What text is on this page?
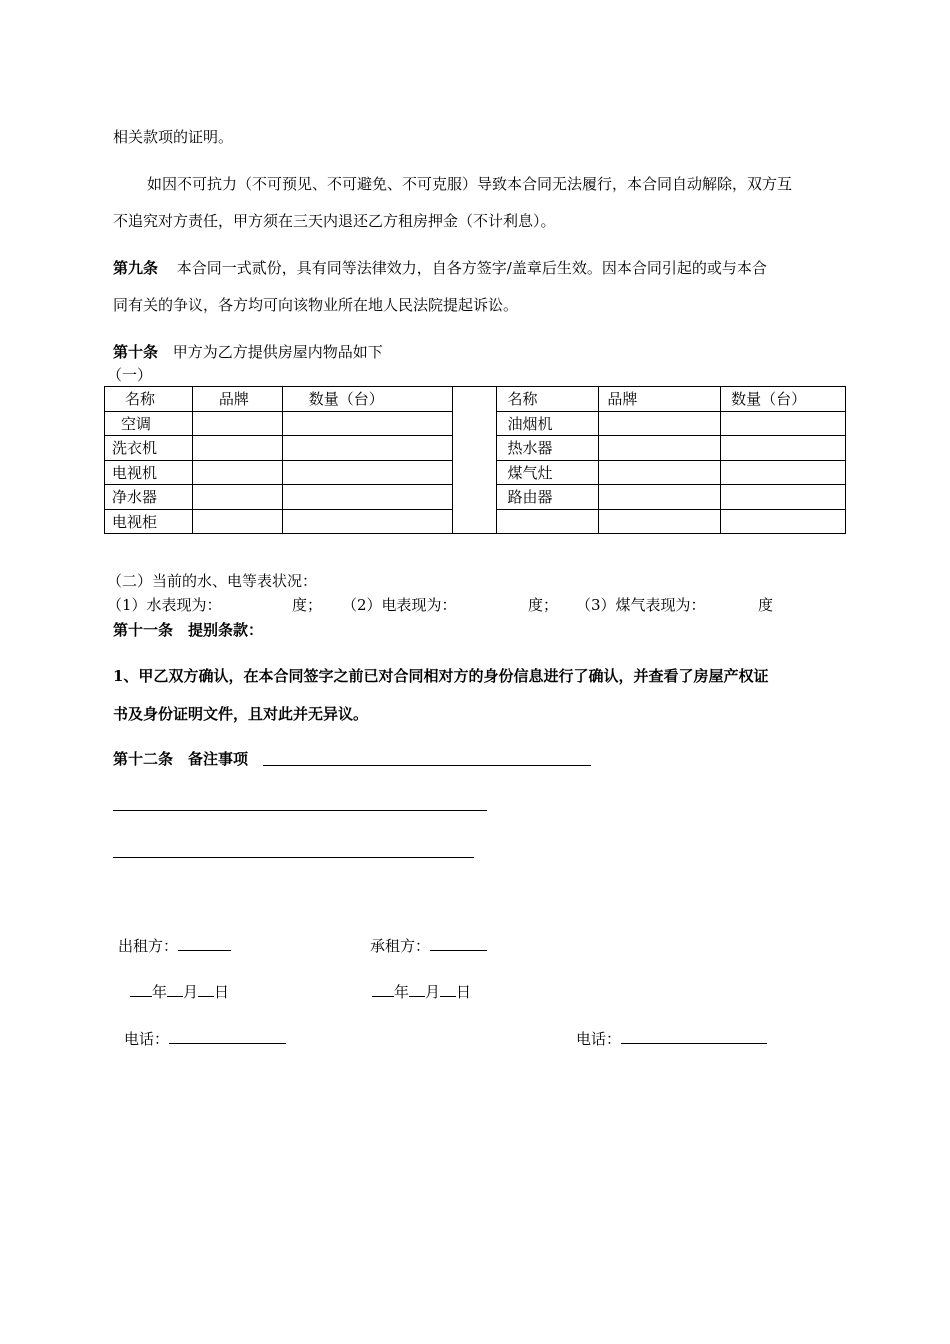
相关款项的证明。
如因不可抗力（不可预见、不可避免、不可克服）导致本合同无法履行，本合同自动解除，双方互
不追究对方责任，甲方须在三天内退还乙方租房押金（不计利息）。
第九条 本合同一式贰份，具有同等法律效力，自各方签字/盖章后生效。因本合同引起的或与本合
同有关的争议，各方均可向该物业所在地人民法院提起诉讼。
第十条 甲方为乙方提供房屋内物品如下
（一）
名称	品牌	数量（台）		名称	品牌	数量（台）
空调				油烟机		
洗衣机				热水器		
电视机				煤气灶		
净水器				路由器		
电视柜						
（二）当前的水、电等表状况：
（1）水表现为：	度； （2）电表现为：	度； （3）煤气表现为：	度
第十一条　提别条款：
1、甲乙双方确认，在本合同签字之前已对合同相对方的身份信息进行了确认，并查看了房屋产权证
书及身份证明文件，且对此并无异议。
第十二条　备注事项
出租方：	承租方：
年 月 日	年 月 日
电话：	电话：
